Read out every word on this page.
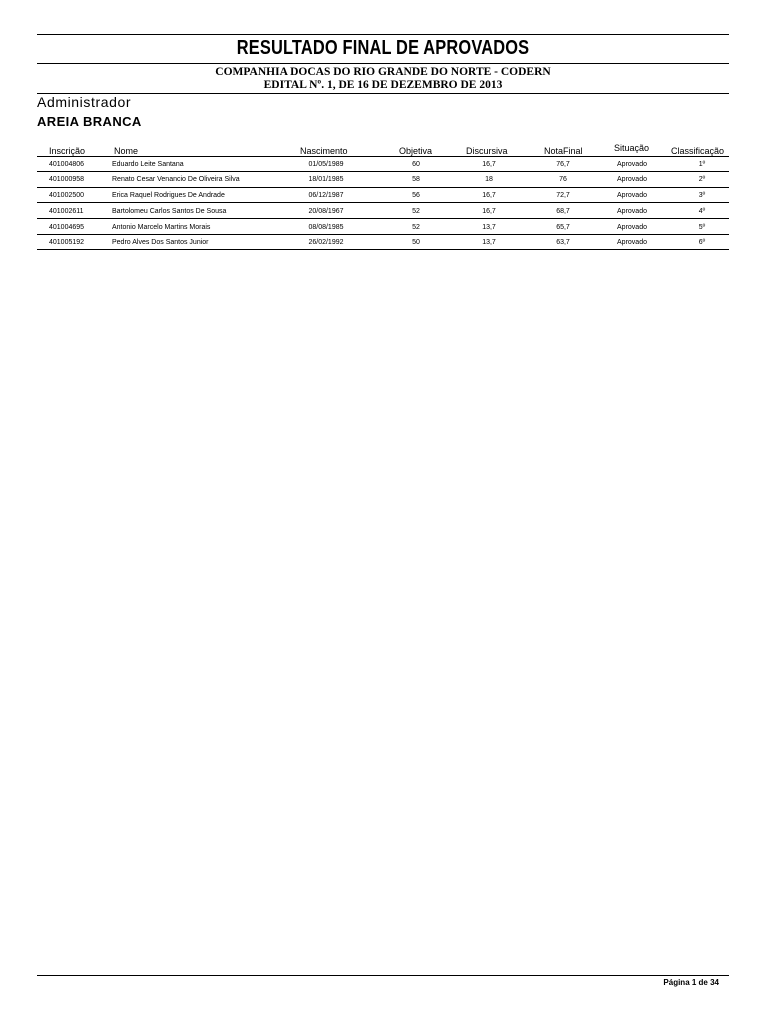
RESULTADO FINAL DE APROVADOS
COMPANHIA DOCAS DO RIO GRANDE DO NORTE - CODERN
EDITAL Nº. 1, DE 16 DE DEZEMBRO DE 2013
Administrador
AREIA BRANCA
Inscrição	Nome	Nascimento	Objetiva	Discursiva	NotaFinal	Situação Classificação
401004806	Eduardo Leite Santana	01/05/1989	60	16,7	76,7	Aprovado	1º
401000958	Renato Cesar Venancio De Oliveira Silva	18/01/1985	58	18	76	Aprovado	2º
401002500	Erica Raquel Rodrigues De Andrade	06/12/1987	56	16,7	72,7	Aprovado	3º
401002611	Bartolomeu Carlos Santos De Sousa	20/08/1967	52	16,7	68,7	Aprovado	4º
401004695	Antonio Marcelo Martins Morais	08/08/1985	52	13,7	65,7	Aprovado	5º
401005192	Pedro Alves Dos Santos Junior	26/02/1992	50	13,7	63,7	Aprovado	6º
Página 1 de 34
